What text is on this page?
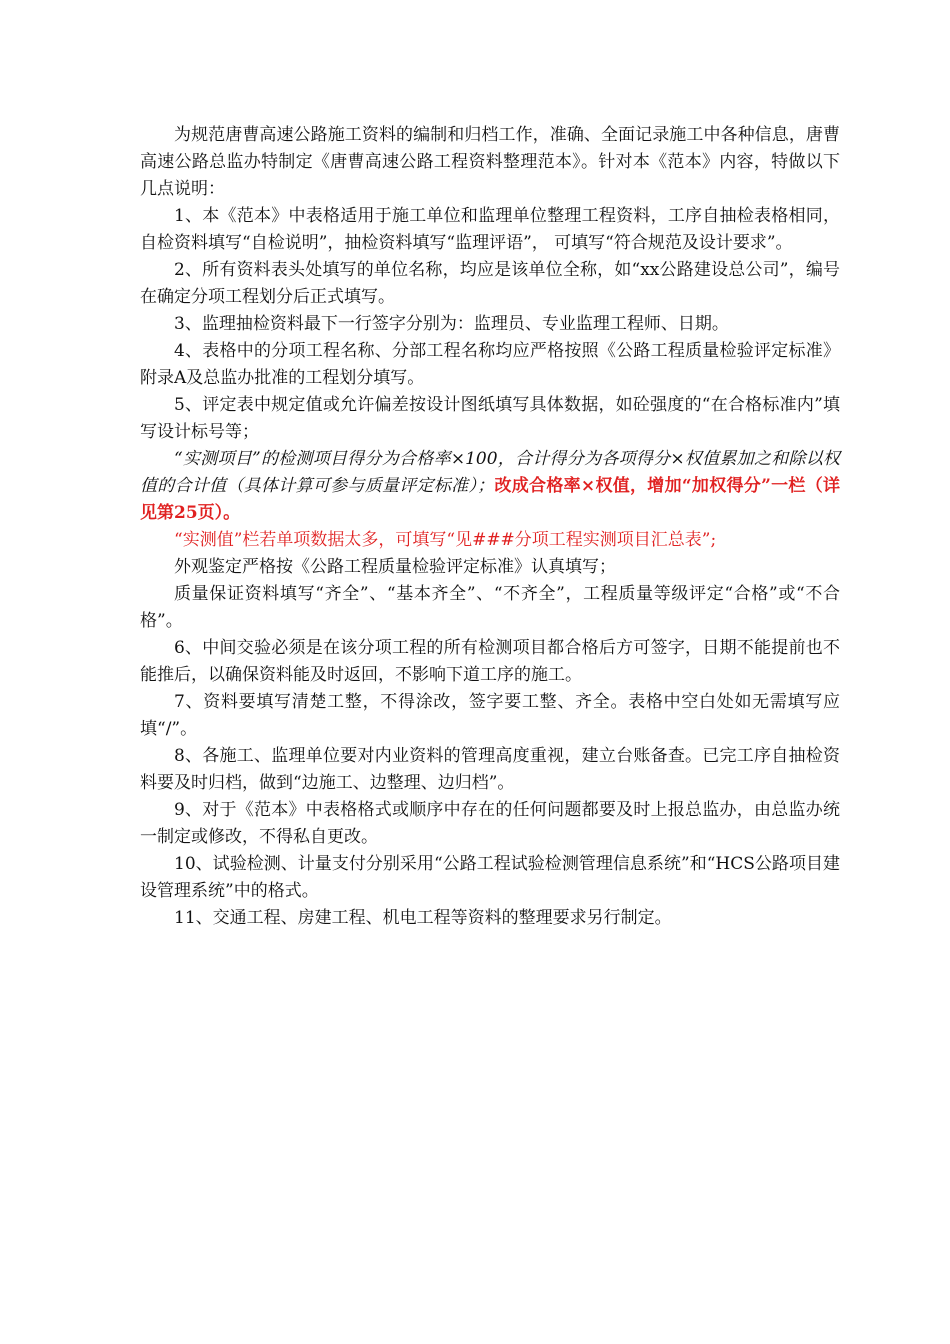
为规范唐曹高速公路施工资料的编制和归档工作，准确、全面记录施工中各种信息，唐曹高速公路总监办特制定《唐曹高速公路工程资料整理范本》。针对本《范本》内容，特做以下几点说明：

1、本《范本》中表格适用于施工单位和监理单位整理工程资料，工序自抽检表格相同，自检资料填写“自检说明”，抽检资料填写“监理评语”， 可填写“符合规范及设计要求”。

2、所有资料表头处填写的单位名称，均应是该单位全称，如“xx公路建设总公司”，编号在确定分项工程划分后正式填写。

3、监理抽检资料最下一行签字分别为：监理员、专业监理工程师、日期。

4、表格中的分项工程名称、分部工程名称均应严格按照《公路工程质量检验评定标准》附录A及总监办批准的工程划分填写。

5、评定表中规定值或允许偏差按设计图纸填写具体数据，如砼强度的“在合格标准内”填写设计标号等；

“实测项目”的检测项目得分为合格率×100，合计得分为各项得分×权值累加之和除以权值的合计值（具体计算可参与质量评定标准）；改成合格率×权值，增加“加权得分”一栏（详见第25页）。

“实测值”栏若单项数据太多，可填写“见###分项工程实测项目汇总表”;

外观鉴定严格按《公路工程质量检验评定标准》认真填写；

质量保证资料填写“齐全”、“基本齐全”、“不齐全”，工程质量等级评定“合格”或“不合格”。

6、中间交验必须是在该分项工程的所有检测项目都合格后方可签字，日期不能提前也不能推后，以确保资料能及时返回，不影响下道工序的施工。

7、资料要填写清楚工整，不得涂改，签字要工整、齐全。表格中空白处如无需填写应填“/”。

8、各施工、监理单位要对内业资料的管理高度重视，建立台账备查。已完工序自抽检资料要及时归档，做到“边施工、边整理、边归档”。

9、对于《范本》中表格格式或顺序中存在的任何问题都要及时上报总监办，由总监办统一制定或修改，不得私自更改。

10、试验检测、计量支付分别采用“公路工程试验检测管理信息系统”和“HCS公路项目建设管理系统”中的格式。

11、交通工程、房建工程、机电工程等资料的整理要求另行制定。
